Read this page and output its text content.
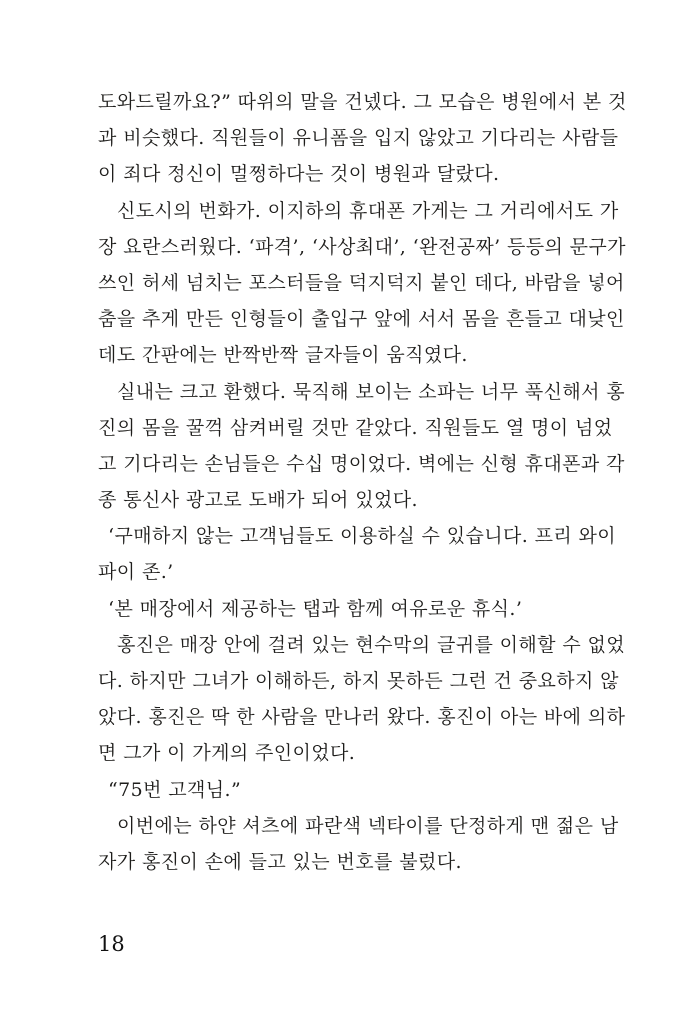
도와드릴까요?” 따위의 말을 건넸다. 그 모습은 병원에서 본 것
과 비슷했다. 직원들이 유니폼을 입지 않았고 기다리는 사람들
이 죄다 정신이 멀쩡하다는 것이 병원과 달랐다.
신도시의 번화가. 이지하의 휴대폰 가게는 그 거리에서도 가
장 요란스러웠다. ‘파격’, ‘사상최대’, ‘완전공짜’ 등등의 문구가
쓰인 허세 넘치는 포스터들을 덕지덕지 붙인 데다, 바람을 넣어
춤을 추게 만든 인형들이 출입구 앞에 서서 몸을 흔들고 대낮인
데도 간판에는 반짝반짝 글자들이 움직였다.
실내는 크고 환했다. 묵직해 보이는 소파는 너무 푹신해서 홍
진의 몸을 꿀꺽 삼켜버릴 것만 같았다. 직원들도 열 명이 넘었
고 기다리는 손님들은 수십 명이었다. 벽에는 신형 휴대폰과 각
종 통신사 광고로 도배가 되어 있었다.
‘구매하지 않는 고객님들도 이용하실 수 있습니다. 프리 와이
파이 존.’
‘본 매장에서 제공하는 탭과 함께 여유로운 휴식.’
홍진은 매장 안에 걸려 있는 현수막의 글귀를 이해할 수 없었
다. 하지만 그녀가 이해하든, 하지 못하든 그런 건 중요하지 않
았다. 홍진은 딱 한 사람을 만나러 왔다. 홍진이 아는 바에 의하
면 그가 이 가게의 주인이었다.
“75번 고객님.”
이번에는 하얀 셔츠에 파란색 넥타이를 단정하게 맨 젊은 남
자가 홍진이 손에 들고 있는 번호를 불렀다.
18
